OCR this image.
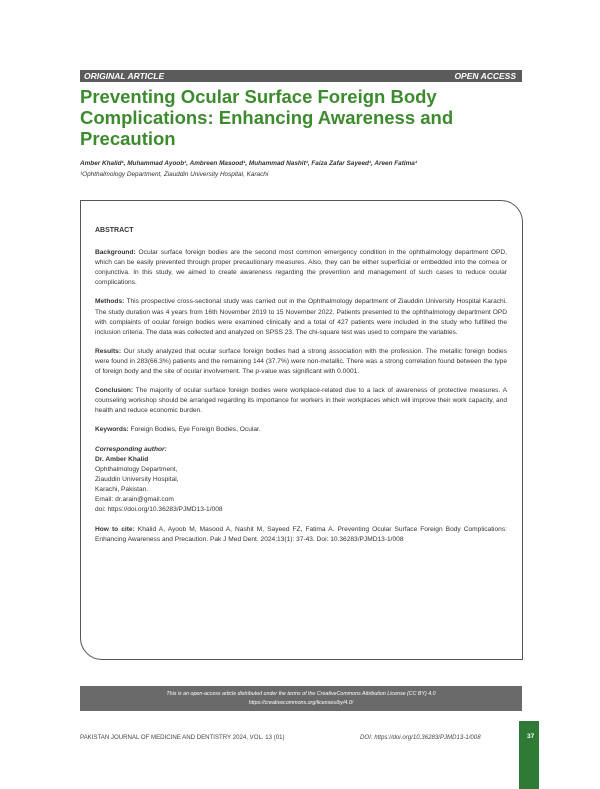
ORIGINAL ARTICLE	OPEN ACCESS
Preventing Ocular Surface Foreign Body Complications: Enhancing Awareness and Precaution
Amber Khalid¹, Muhammad Ayoob¹, Ambreen Masood¹, Muhammad Nashit¹, Faiza Zafar Sayeed¹, Areen Fatima¹
¹Ophthalmology Department, Ziauddin University Hospital, Karachi

ABSTRACT

Background: Ocular surface foreign bodies are the second most common emergency condition in the ophthalmology department OPD, which can be easily prevented through proper precautionary measures. Also, they can be either superficial or embedded into the cornea or conjunctiva. In this study, we aimed to create awareness regarding the prevention and management of such cases to reduce ocular complications.

Methods: This prospective cross-sectional study was carried out in the Ophthalmology department of Ziauddin University Hospital Karachi. The study duration was 4 years from 16th November 2019 to 15 November 2022. Patients presented to the ophthalmology department OPD with complaints of ocular foreign bodies were examined clinically and a total of 427 patients were included in the study who fulfilled the inclusion criteria. The data was collected and analyzed on SPSS 23. The chi-square test was used to compare the variables.

Results: Our study analyzed that ocular surface foreign bodies had a strong association with the profession. The metallic foreign bodies were found in 283(66.3%) patients and the remaining 144 (37.7%) were non-metallic. There was a strong correlation found between the type of foreign body and the site of ocular involvement. The p-value was significant with 0.0001.

Conclusion: The majority of ocular surface foreign bodies were workplace-related due to a lack of awareness of protective measures. A counseling workshop should be arranged regarding its importance for workers in their workplaces which will improve their work capacity, and health and reduce economic burden.

Keywords: Foreign Bodies, Eye Foreign Bodies, Ocular.

Corresponding author:

Dr. Amber Khalid

Ophthalmology Department,

Ziauddin University Hospital,

Karachi, Pakistan.

Email: dr.arain@gmail.com

doi: https://doi.org/10.36283/PJMD13-1/008

How to cite: Khalid A, Ayoob M, Masood A, Nashit M, Sayeed FZ, Fatima A. Preventing Ocular Surface Foreign Body Complications: Enhancing Awareness and Precaution. Pak J Med Dent. 2024;13(1): 37-43. Doi: 10.36283/PJMD13-1/008

This is an open-access article distributed under the terms of the CreativeCommons Attribution License (CC BY) 4.0
https://creativecommons.org/licenses/by/4.0/
PAKISTAN JOURNAL OF MEDICINE AND DENTISTRY 2024, VOL. 13 (01)	DOI: https://doi.org/10.36283/PJMD13-1/008	37
